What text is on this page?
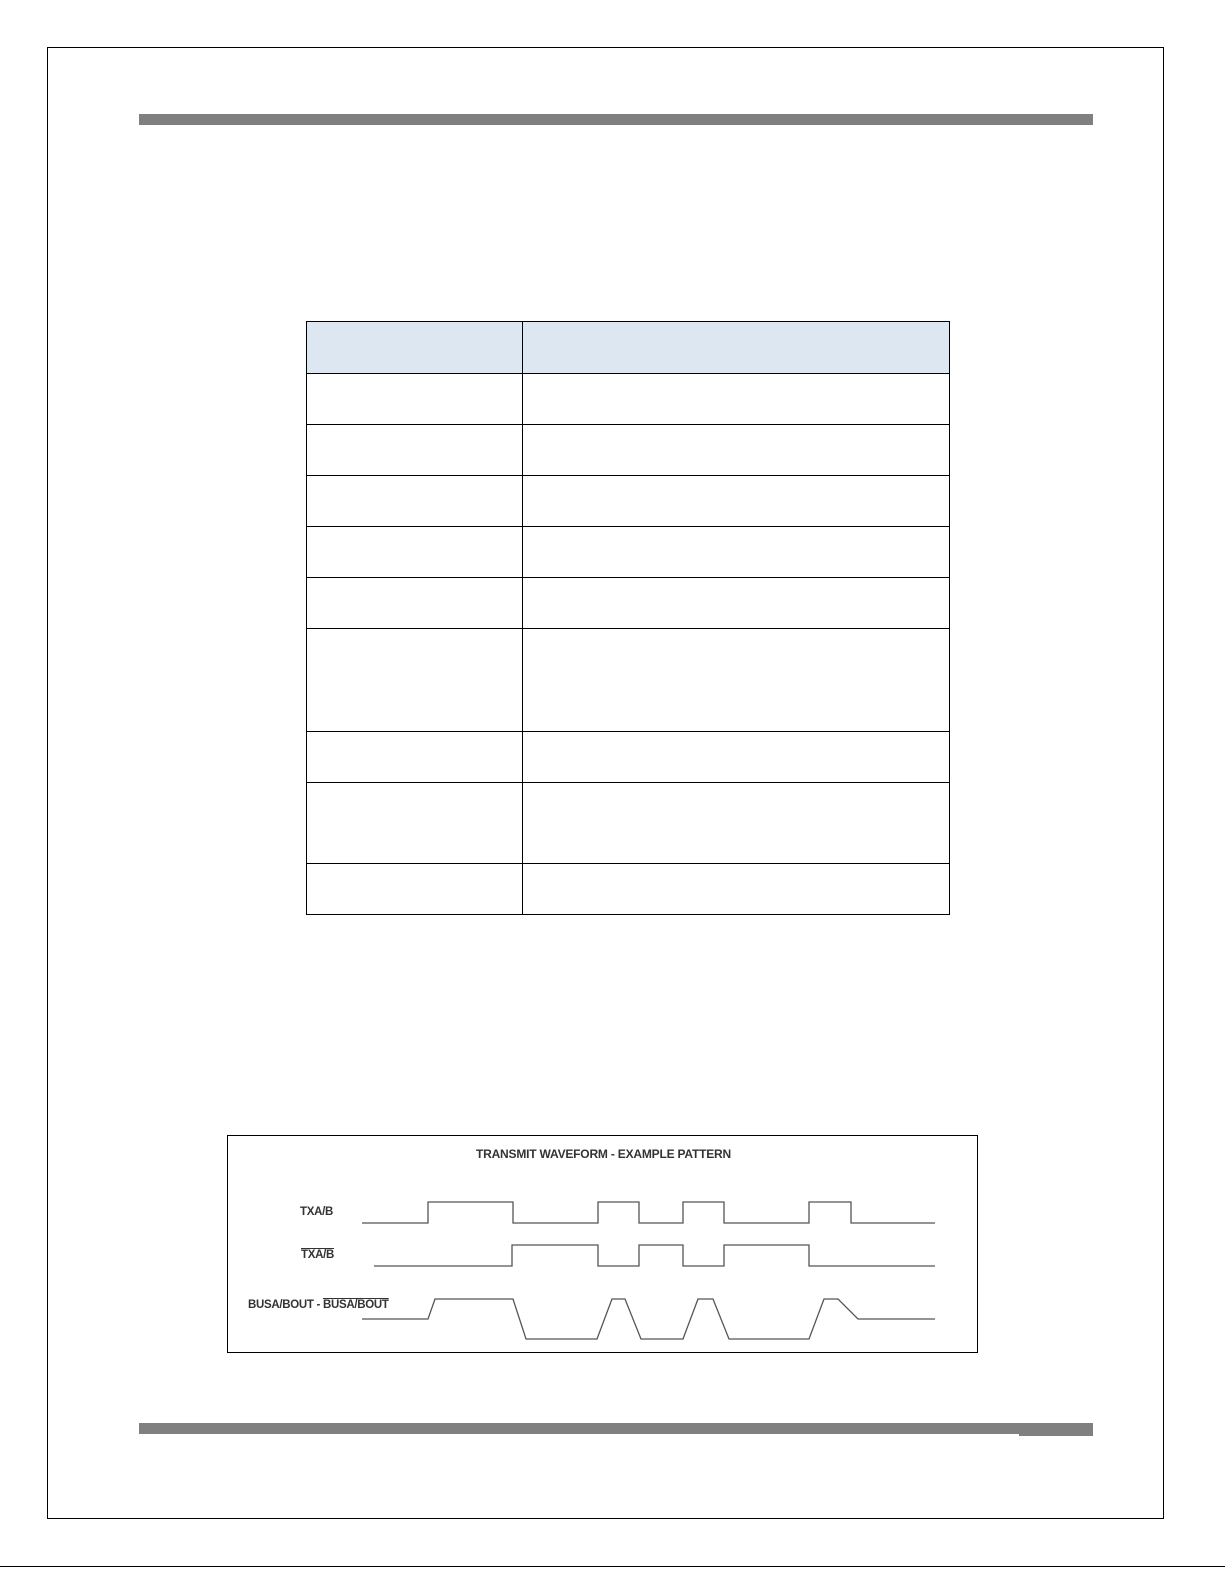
TRANSMIT WAVEFORM - EXAMPLE PATTERN
TXA/B
TXA/B
BUSA/BOUT - BUSA/BOUT
